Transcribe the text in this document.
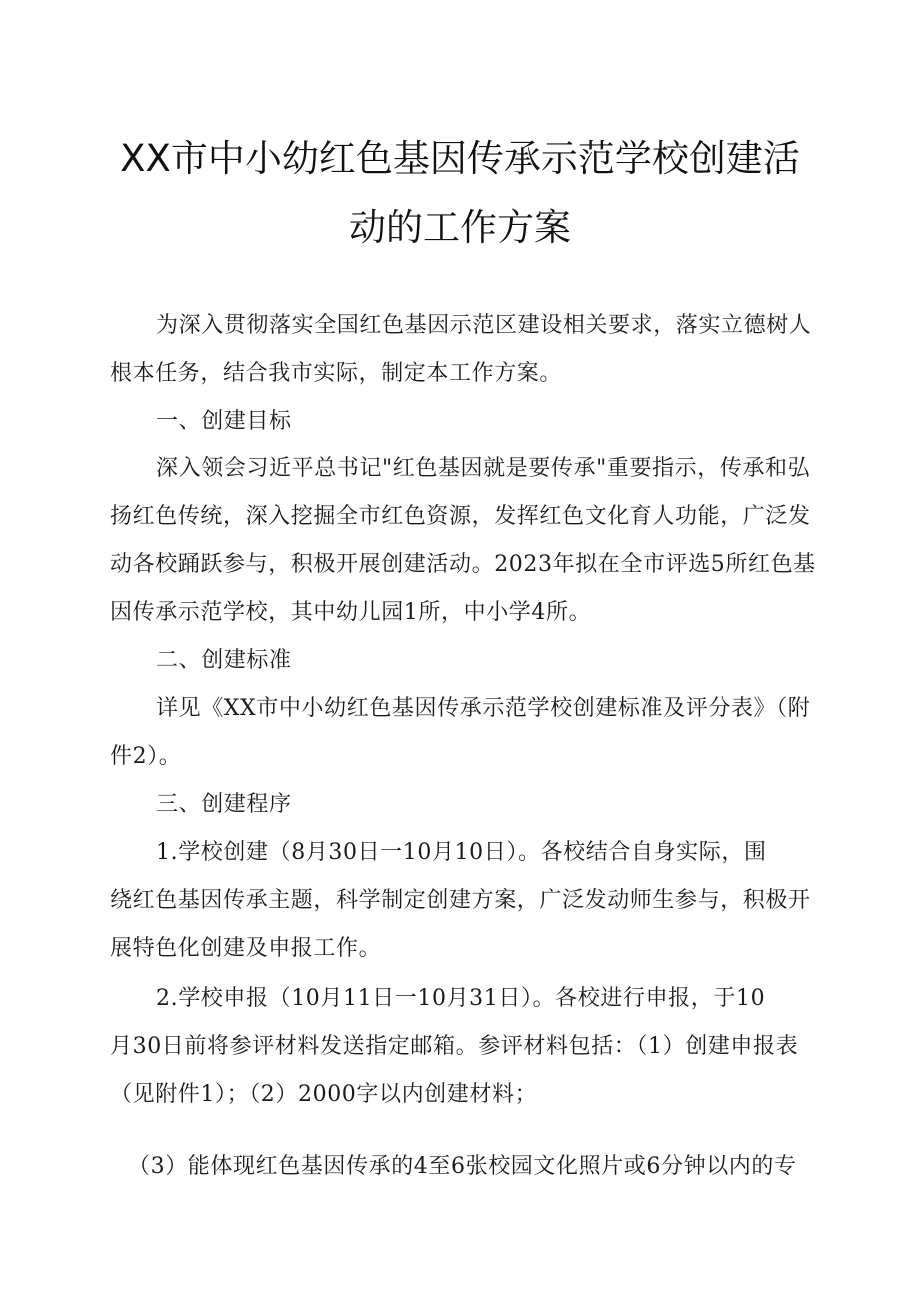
XX市中小幼红色基因传承示范学校创建活
动的工作方案
为深入贯彻落实全国红色基因示范区建设相关要求，落实立德树人
根本任务，结合我市实际，制定本工作方案。
一、创建目标
深入领会习近平总书记"红色基因就是要传承"重要指示，传承和弘
扬红色传统，深入挖掘全市红色资源，发挥红色文化育人功能，广泛发
动各校踊跃参与，积极开展创建活动。2023年拟在全市评选5所红色基
因传承示范学校，其中幼儿园1所，中小学4所。
二、创建标准
详见《XX市中小幼红色基因传承示范学校创建标准及评分表》（附
件2）。
三、创建程序
1.学校创建（8月30日一10月10日）。各校结合自身实际，围
绕红色基因传承主题，科学制定创建方案，广泛发动师生参与，积极开
展特色化创建及申报工作。
2.学校申报（10月11日一10月31日）。各校进行申报，于10
月30日前将参评材料发送指定邮箱。参评材料包括：（1）创建申报表
（见附件1）；（2）2000字以内创建材料；
（3）能体现红色基因传承的4至6张校园文化照片或6分钟以内的专
